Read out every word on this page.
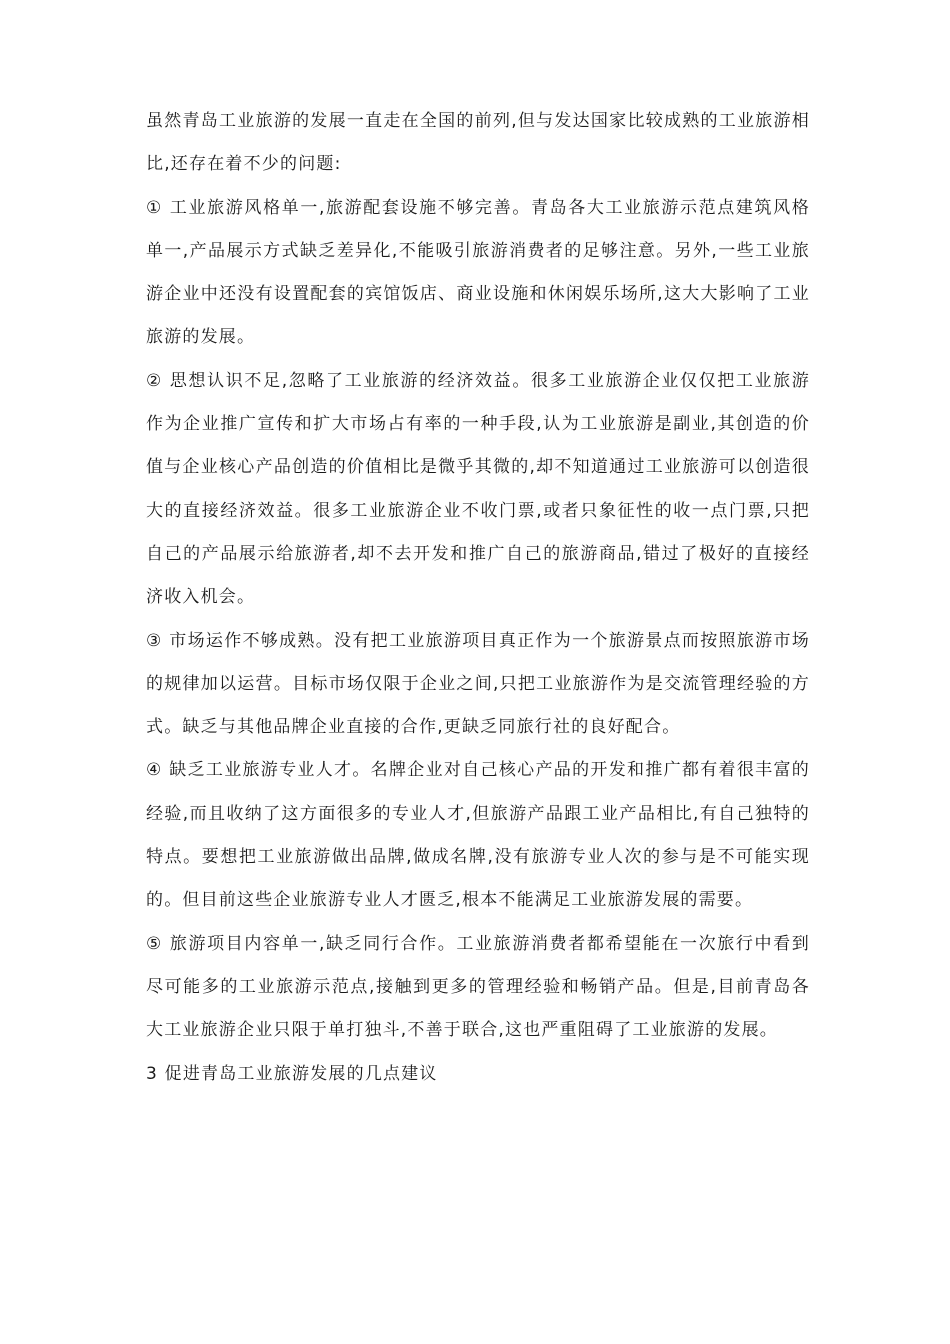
虽然青岛工业旅游的发展一直走在全国的前列,但与发达国家比较成熟的工业旅游相比,还存在着不少的问题:

① 工业旅游风格单一,旅游配套设施不够完善。青岛各大工业旅游示范点建筑风格单一,产品展示方式缺乏差异化,不能吸引旅游消费者的足够注意。另外,一些工业旅游企业中还没有设置配套的宾馆饭店、商业设施和休闲娱乐场所,这大大影响了工业旅游的发展。

② 思想认识不足,忽略了工业旅游的经济效益。很多工业旅游企业仅仅把工业旅游作为企业推广宣传和扩大市场占有率的一种手段,认为工业旅游是副业,其创造的价值与企业核心产品创造的价值相比是微乎其微的,却不知道通过工业旅游可以创造很大的直接经济效益。很多工业旅游企业不收门票,或者只象征性的收一点门票,只把自己的产品展示给旅游者,却不去开发和推广自己的旅游商品,错过了极好的直接经济收入机会。

③ 市场运作不够成熟。没有把工业旅游项目真正作为一个旅游景点而按照旅游市场的规律加以运营。目标市场仅限于企业之间,只把工业旅游作为是交流管理经验的方式。缺乏与其他品牌企业直接的合作,更缺乏同旅行社的良好配合。

④ 缺乏工业旅游专业人才。名牌企业对自己核心产品的开发和推广都有着很丰富的经验,而且收纳了这方面很多的专业人才,但旅游产品跟工业产品相比,有自己独特的特点。要想把工业旅游做出品牌,做成名牌,没有旅游专业人次的参与是不可能实现的。但目前这些企业旅游专业人才匮乏,根本不能满足工业旅游发展的需要。

⑤ 旅游项目内容单一,缺乏同行合作。工业旅游消费者都希望能在一次旅行中看到尽可能多的工业旅游示范点,接触到更多的管理经验和畅销产品。但是,目前青岛各大工业旅游企业只限于单打独斗,不善于联合,这也严重阻碍了工业旅游的发展。

3 促进青岛工业旅游发展的几点建议
